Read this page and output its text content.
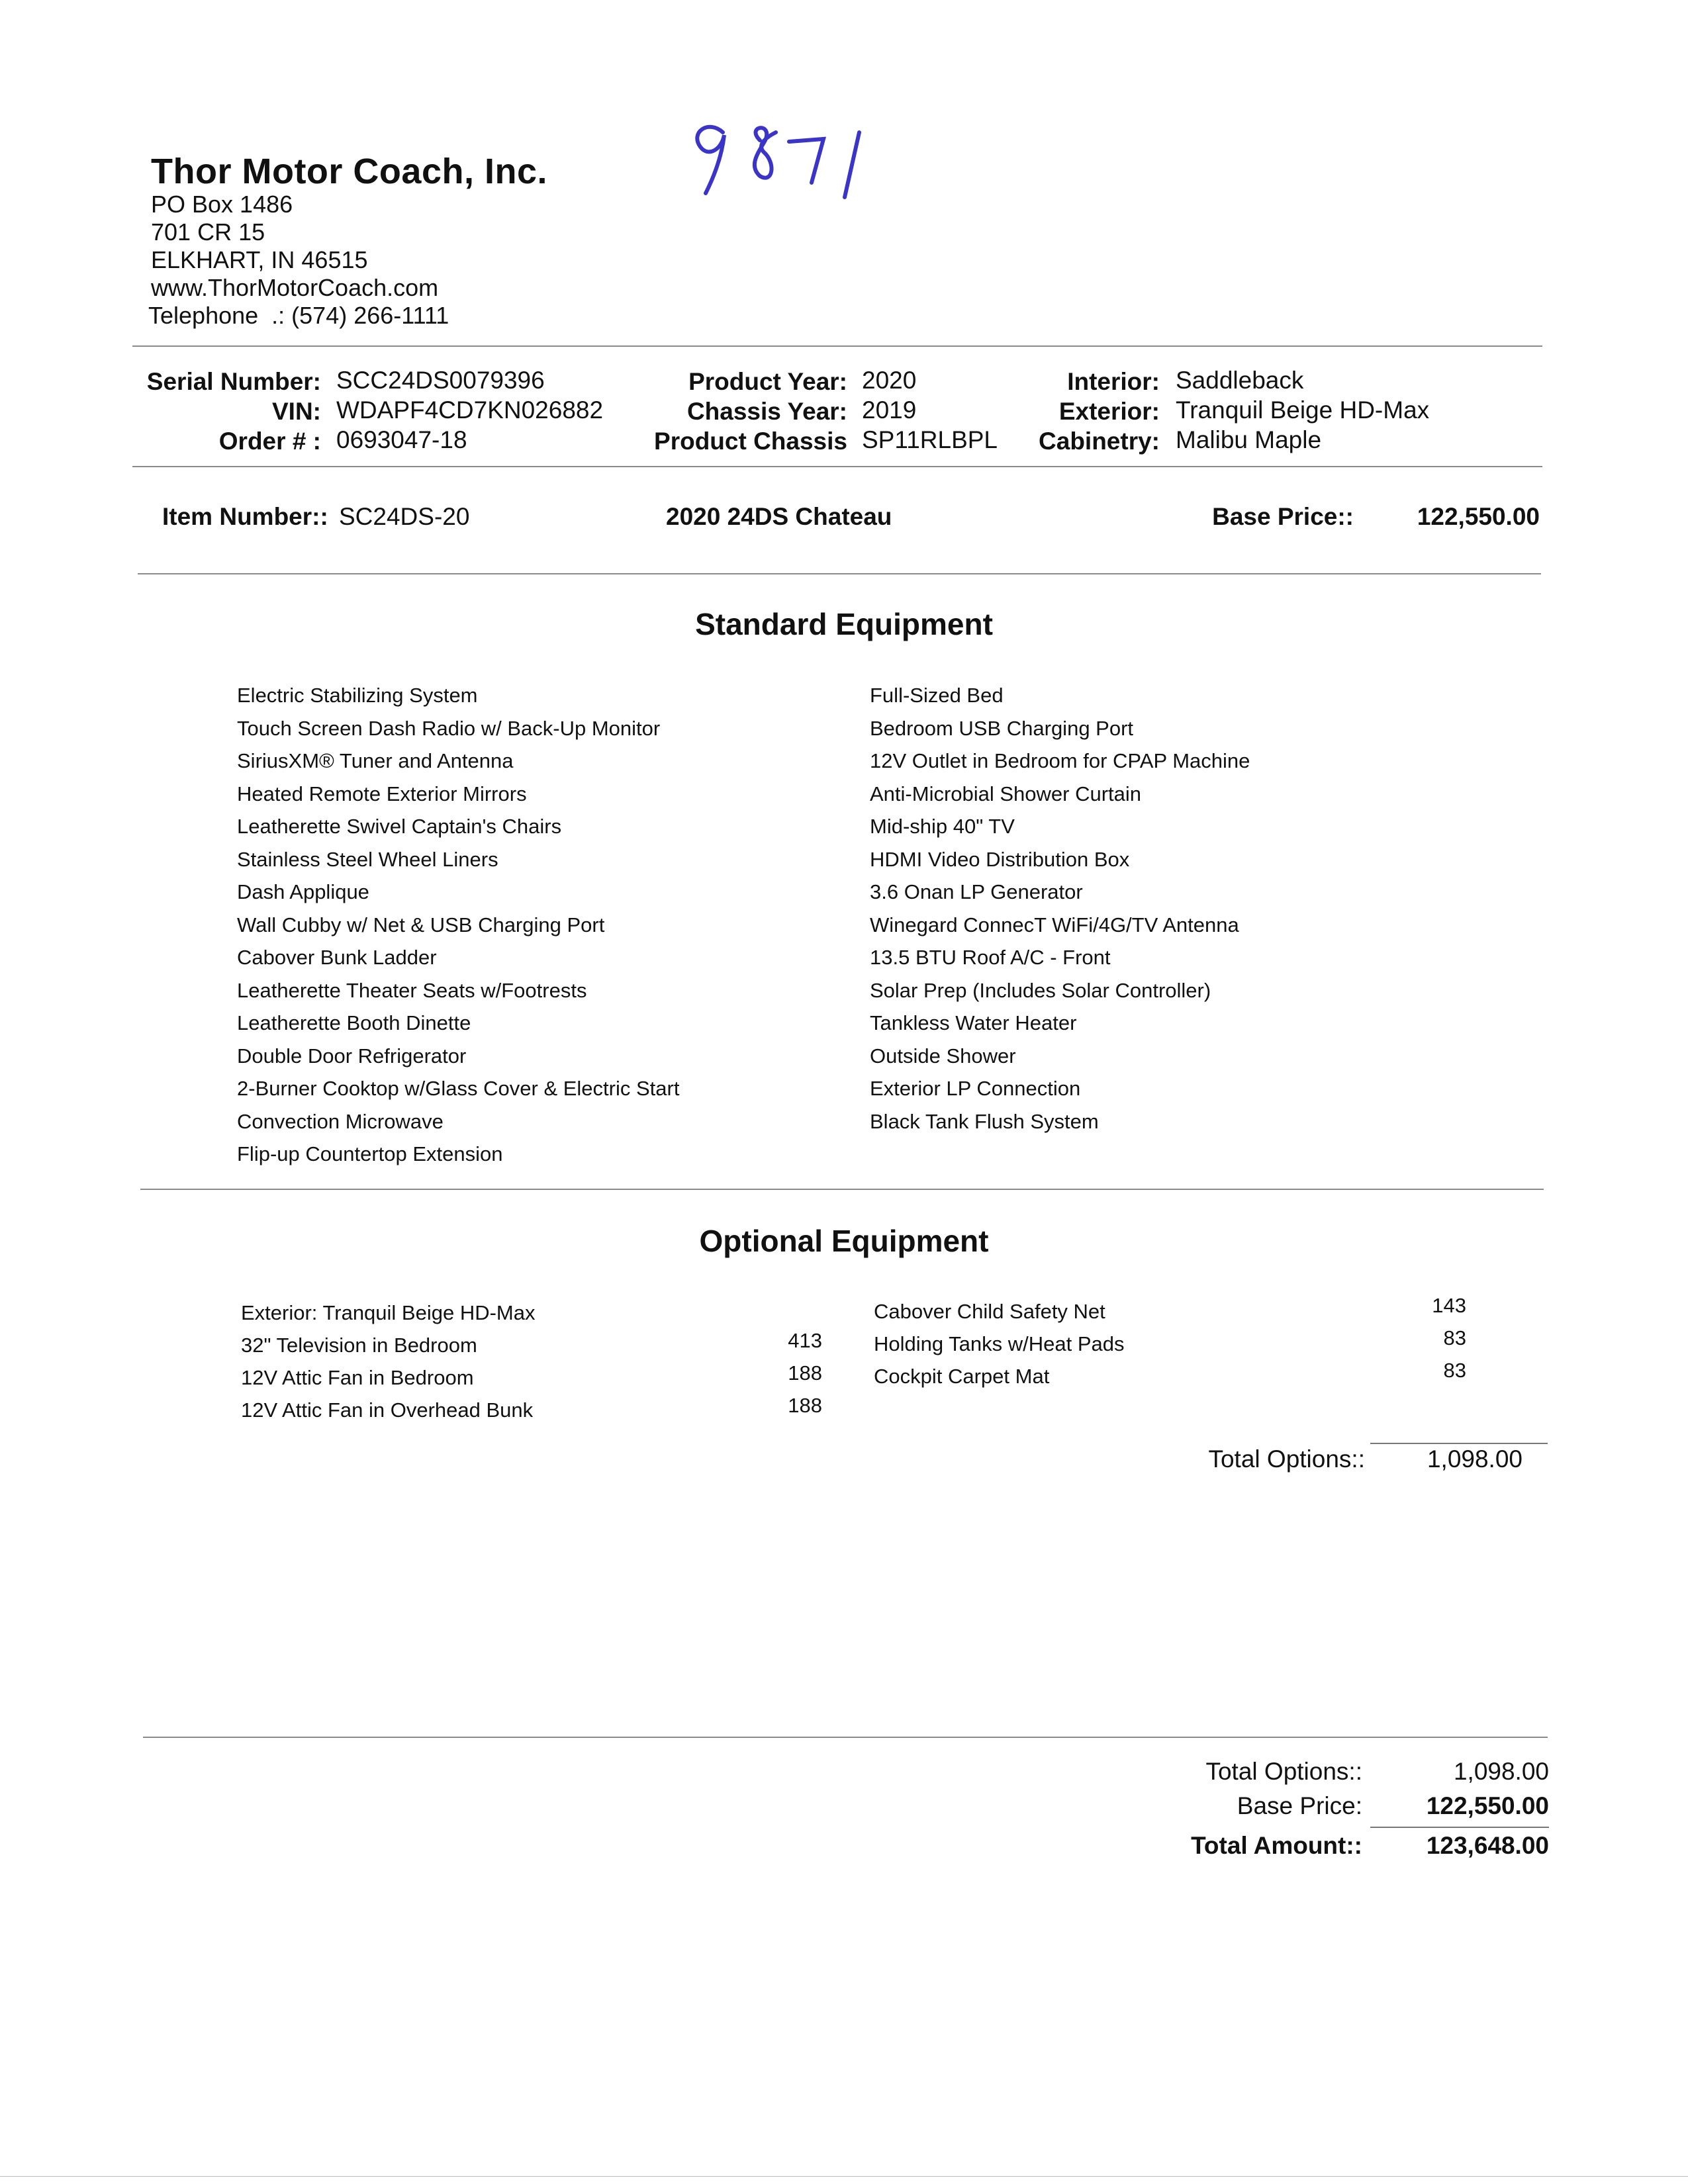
Thor Motor Coach, Inc.
PO Box 1486
701 CR 15
ELKHART, IN 46515
www.ThorMotorCoach.com
Telephone  .: (574) 266-1111
Serial Number: SCC24DS0079396
VIN: WDAPF4CD7KN026882
Order # : 0693047-18
Product Year: 2020
Chassis Year: 2019
Product Chassis SP11RLBPL
Interior: Saddleback
Exterior: Tranquil Beige HD-Max
Cabinetry: Malibu Maple
Item Number:: SC24DS-20	2020 24DS Chateau	Base Price::	122,550.00
Standard Equipment
Electric Stabilizing System
Touch Screen Dash Radio w/ Back-Up Monitor
SiriusXM® Tuner and Antenna
Heated Remote Exterior Mirrors
Leatherette Swivel Captain's Chairs
Stainless Steel Wheel Liners
Dash Applique
Wall Cubby w/ Net & USB Charging Port
Cabover Bunk Ladder
Leatherette Theater Seats w/Footrests
Leatherette Booth Dinette
Double Door Refrigerator
2-Burner Cooktop w/Glass Cover & Electric Start
Convection Microwave
Flip-up Countertop Extension
Full-Sized Bed
Bedroom USB Charging Port
12V Outlet in Bedroom for CPAP Machine
Anti-Microbial Shower Curtain
Mid-ship 40" TV
HDMI Video Distribution Box
3.6 Onan LP Generator
Winegard ConnecT WiFi/4G/TV Antenna
13.5 BTU Roof A/C - Front
Solar Prep (Includes Solar Controller)
Tankless Water Heater
Outside Shower
Exterior LP Connection
Black Tank Flush System
Optional Equipment
Exterior: Tranquil Beige HD-Max
32" Television in Bedroom	413
12V Attic Fan in Bedroom	188
12V Attic Fan in Overhead Bunk	188
Cabover Child Safety Net	143
Holding Tanks w/Heat Pads	83
Cockpit Carpet Mat	83
Total Options::	1,098.00
Total Options::	1,098.00
Base Price:	122,550.00
Total Amount::	123,648.00
